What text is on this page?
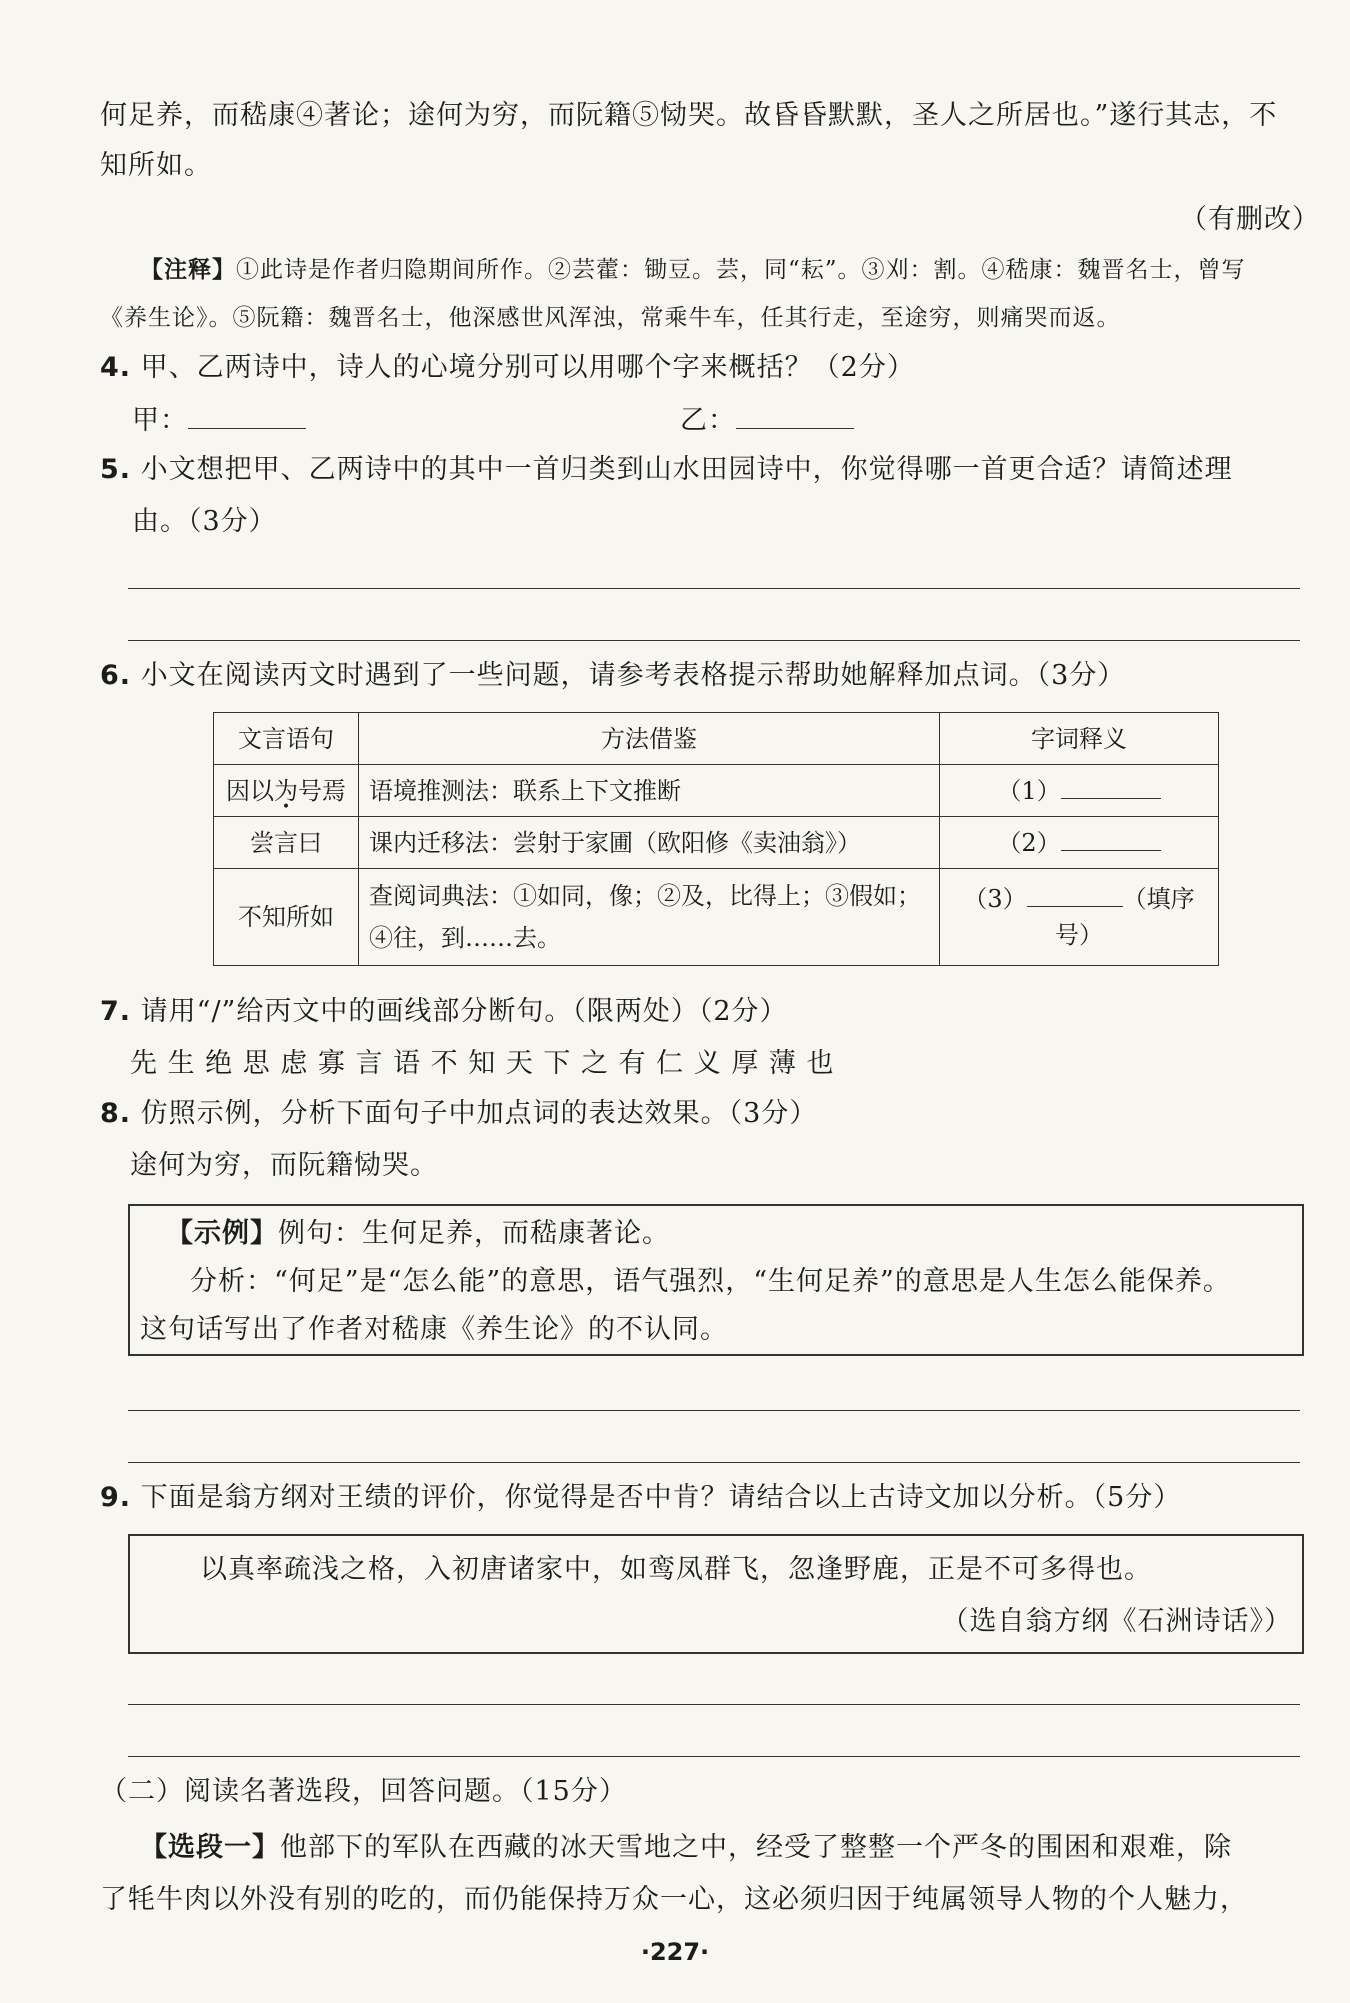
何足养，而嵇康④著论；途何为穷，而阮籍⑤恸哭。故昏昏默默，圣人之所居也。”遂行其志，不
知所如。
（有删改）
【注释】①此诗是作者归隐期间所作。②芸藿：锄豆。芸，同“耘”。③刈：割。④嵇康：魏晋名士，曾写
《养生论》。⑤阮籍：魏晋名士，他深感世风浑浊，常乘牛车，任其行走，至途穷，则痛哭而返。
4. 甲、乙两诗中，诗人的心境分别可以用哪个字来概括？（2分）
甲：	乙：
5. 小文想把甲、乙两诗中的其中一首归类到山水田园诗中，你觉得哪一首更合适？请简述理
由。（3分）
6. 小文在阅读丙文时遇到了一些问题，请参考表格提示帮助她解释加点词。（3分）
文言语句	方法借鉴	字词释义
因以为号焉 •	语境推测法：联系上下文推断	（1）
尝言曰	课内迁移法：尝射于家圃（欧阳修《卖油翁》）	（2）
不知所如	查阅词典法：①如同，像；②及，比得上；③假如；
④往，到……去。	（3） （填序号）
7. 请用“/”给丙文中的画线部分断句。（限两处）（2分）
先 生 绝 思 虑 寡 言 语 不 知 天 下 之 有 仁 义 厚 薄 也
8. 仿照示例，分析下面句子中加点词的表达效果。（3分）
途何为穷，而阮籍恸哭。
【示例】例句：生何足养，而嵇康著论。
分析：“何足”是“怎么能”的意思，语气强烈，“生何足养”的意思是人生怎么能保养。
这句话写出了作者对嵇康《养生论》的不认同。
9. 下面是翁方纲对王绩的评价，你觉得是否中肯？请结合以上古诗文加以分析。（5分）
以真率疏浅之格，入初唐诸家中，如鸾凤群飞，忽逢野鹿，正是不可多得也。
（选自翁方纲《石洲诗话》）
（二）阅读名著选段，回答问题。（15分）
【选段一】他部下的军队在西藏的冰天雪地之中，经受了整整一个严冬的围困和艰难，除
了牦牛肉以外没有别的吃的，而仍能保持万众一心，这必须归因于纯属领导人物的个人魅力，
·227·
